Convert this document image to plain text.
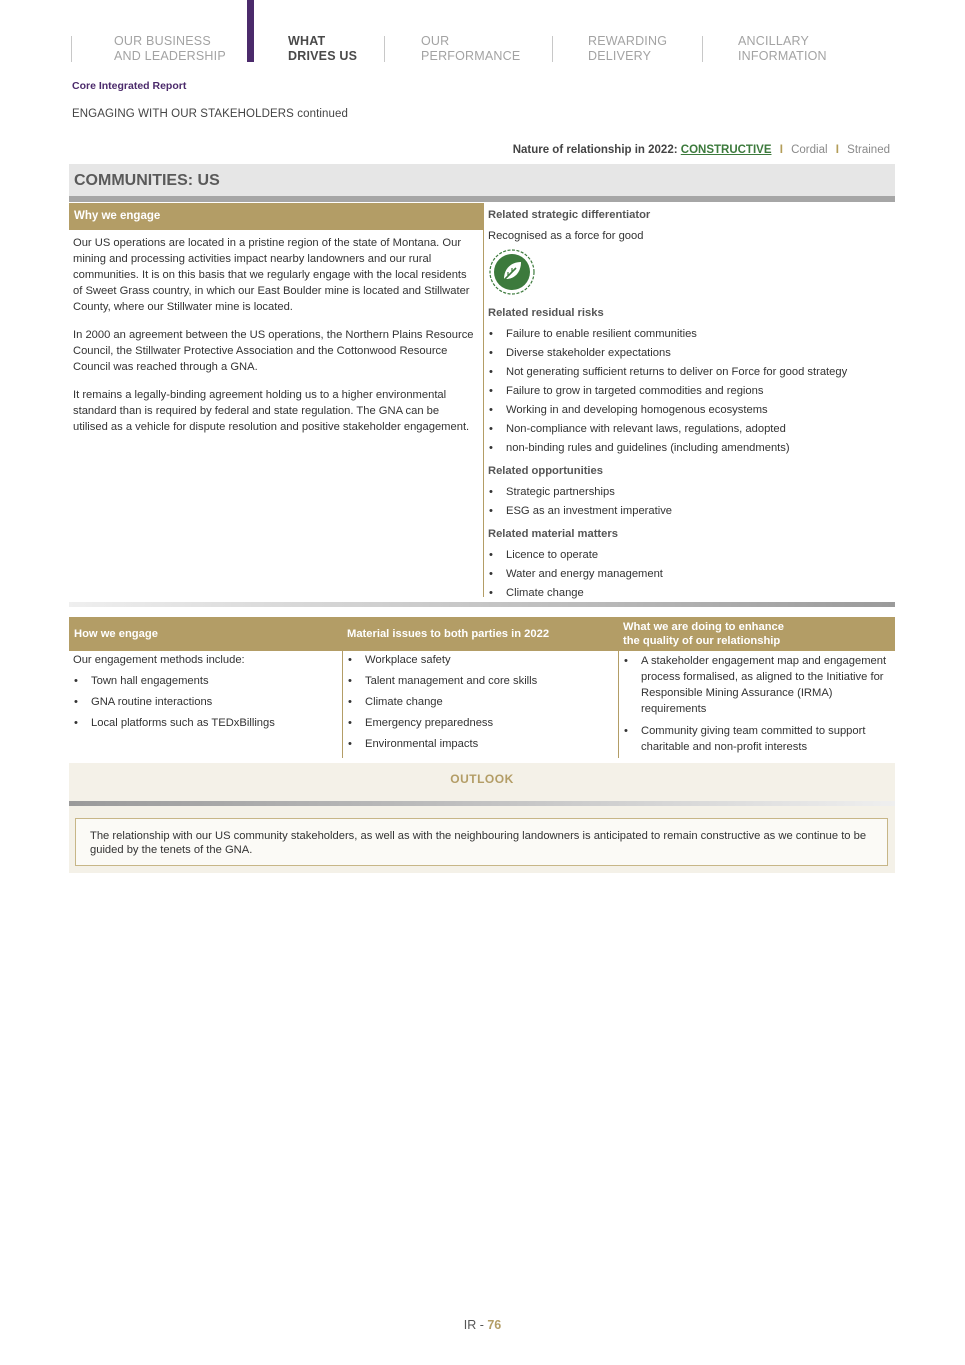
OUR BUSINESS
AND LEADERSHIP
WHAT
DRIVES US
OUR
PERFORMANCE
REWARDING
DELIVERY
ANCILLARY
INFORMATION
Core Integrated Report
ENGAGING WITH OUR STAKEHOLDERS continued
Nature of relationship in 2022: CONSTRUCTIVE I Cordial I Strained
COMMUNITIES: US
Why we engage

Our US operations are located in a pristine region of the state of Montana. Our mining and processing activities impact nearby landowners and our rural communities. It is on this basis that we regularly engage with the local residents of Sweet Grass country, in which our East Boulder mine is located and Stillwater County, where our Stillwater mine is located.

In 2000 an agreement between the US operations, the Northern Plains Resource Council, the Stillwater Protective Association and the Cottonwood Resource Council was reached through a GNA.

It remains a legally-binding agreement holding us to a higher environmental standard than is required by federal and state regulation. The GNA can be utilised as a vehicle for dispute resolution and positive stakeholder engagement.

Related strategic differentiator
Recognised as a force for good
Related residual risks
• Failure to enable resilient communities
• Diverse stakeholder expectations
• Not generating sufficient returns to deliver on Force for good strategy
• Failure to grow in targeted commodities and regions
• Working in and developing homogenous ecosystems
• Non-compliance with relevant laws, regulations, adopted
• non-binding rules and guidelines (including amendments)
Related opportunities
• Strategic partnerships
• ESG as an investment imperative
Related material matters
• Licence to operate
• Water and energy management
• Climate change
How we engage	Material issues to both parties in 2022
What we are doing to enhance
the quality of our relationship
Our engagement methods include:
• Town hall engagements
• GNA routine interactions
• Local platforms such as TEDxBillings
• Workplace safety
• Talent management and core skills
• Climate change
• Emergency preparedness
• Environmental impacts
• A stakeholder engagement map and engagement process formalised, as aligned to the Initiative for Responsible Mining Assurance (IRMA) requirements
• Community giving team committed to support charitable and non-profit interests
OUTLOOK
The relationship with our US community stakeholders, as well as with the neighbouring landowners is anticipated to remain constructive as we continue to be guided by the tenets of the GNA.
IR - 76
